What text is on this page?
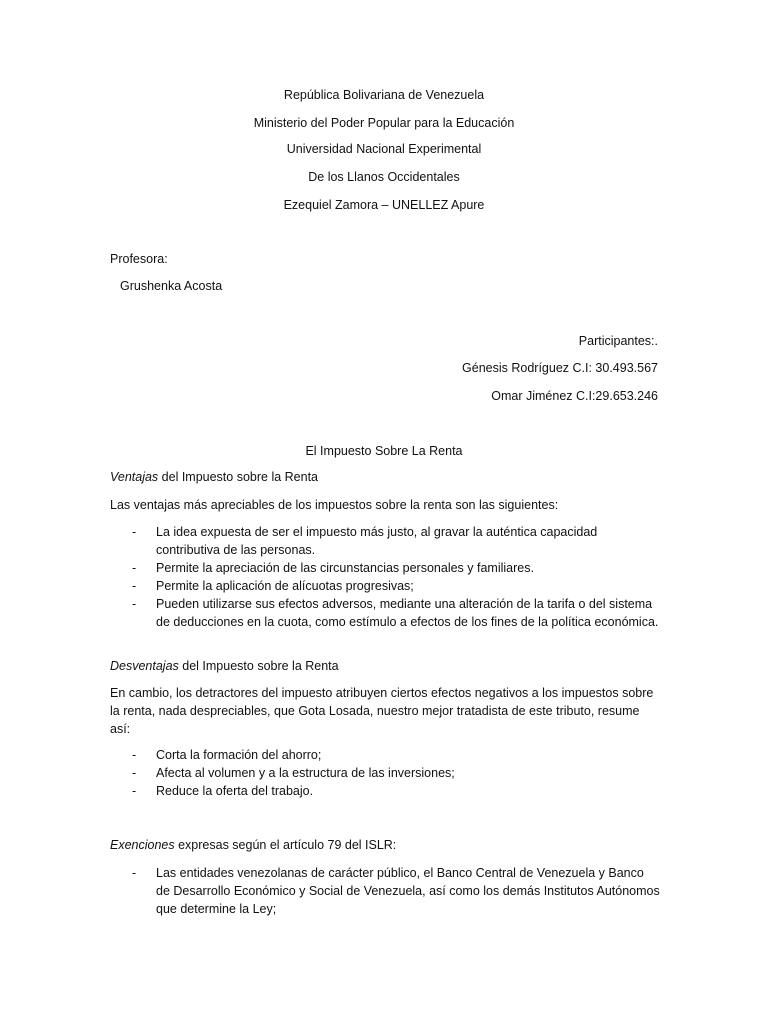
República Bolivariana de Venezuela
Ministerio del Poder Popular para la Educación
Universidad Nacional Experimental
De los Llanos Occidentales
Ezequiel Zamora – UNELLEZ Apure
Profesora:
Grushenka Acosta
Participantes:.
Génesis Rodríguez C.I: 30.493.567
Omar Jiménez C.I:29.653.246
El Impuesto Sobre La Renta
Ventajas del Impuesto sobre la Renta

Las ventajas más apreciables de los impuestos sobre la renta son las siguientes:

- La idea expuesta de ser el impuesto más justo, al gravar la auténtica capacidad contributiva de las personas.
- Permite la apreciación de las circunstancias personales y familiares.
- Permite la aplicación de alícuotas progresivas;
- Pueden utilizarse sus efectos adversos, mediante una alteración de la tarifa o del sistema de deducciones en la cuota, como estímulo a efectos de los fines de la política económica.
Desventajas del Impuesto sobre la Renta

En cambio, los detractores del impuesto atribuyen ciertos efectos negativos a los impuestos sobre la renta, nada despreciables, que Gota Losada, nuestro mejor tratadista de este tributo, resume así:

- Corta la formación del ahorro;
- Afecta al volumen y a la estructura de las inversiones;
- Reduce la oferta del trabajo.
Exenciones expresas según el artículo 79 del ISLR:
- Las entidades venezolanas de carácter público, el Banco Central de Venezuela y Banco de Desarrollo Económico y Social de Venezuela, así como los demás Institutos Autónomos que determine la Ley;
